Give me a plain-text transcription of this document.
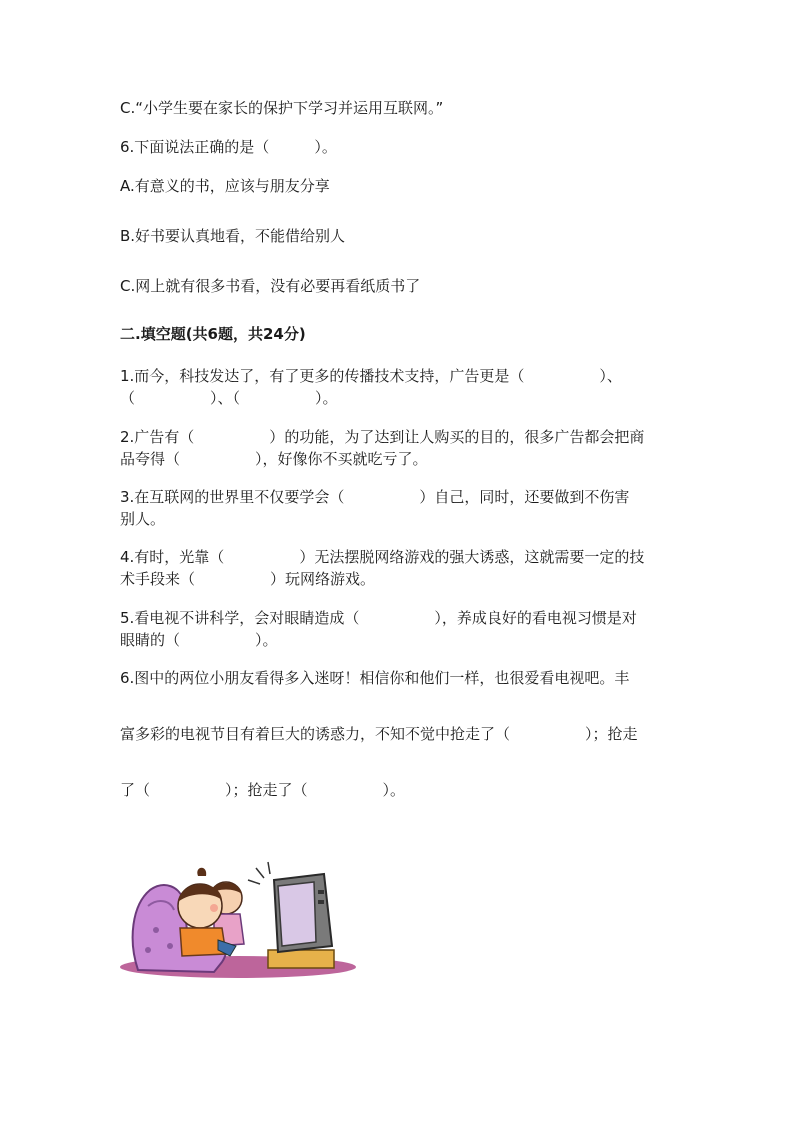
C.“小学生要在家长的保护下学习并运用互联网。”
6.下面说法正确的是（　　　）。
A.有意义的书，应该与朋友分享
B.好书要认真地看，不能借给别人
C.网上就有很多书看，没有必要再看纸质书了
二.填空题(共6题，共24分)
1.而今，科技发达了，有了更多的传播技术支持，广告更是（　　　　　）、
（　　　　　）、（　　　　　）。
2.广告有（　　　　　）的功能，为了达到让人购买的目的，很多广告都会把商
品夸得（　　　　　），好像你不买就吃亏了。
3.在互联网的世界里不仅要学会（　　　　　）自己，同时，还要做到不伤害
别人。
4.有时，光靠（　　　　　）无法摆脱网络游戏的强大诱惑，这就需要一定的技
术手段来（　　　　　）玩网络游戏。
5.看电视不讲科学，会对眼睛造成（　　　　　），养成良好的看电视习惯是对
眼睛的（　　　　　）。
6.图中的两位小朋友看得多入迷呀！相信你和他们一样，也很爱看电视吧。丰
富多彩的电视节目有着巨大的诱惑力，不知不觉中抢走了（　　　　　）；抢走
了（　　　　　）；抢走了（　　　　　）。
